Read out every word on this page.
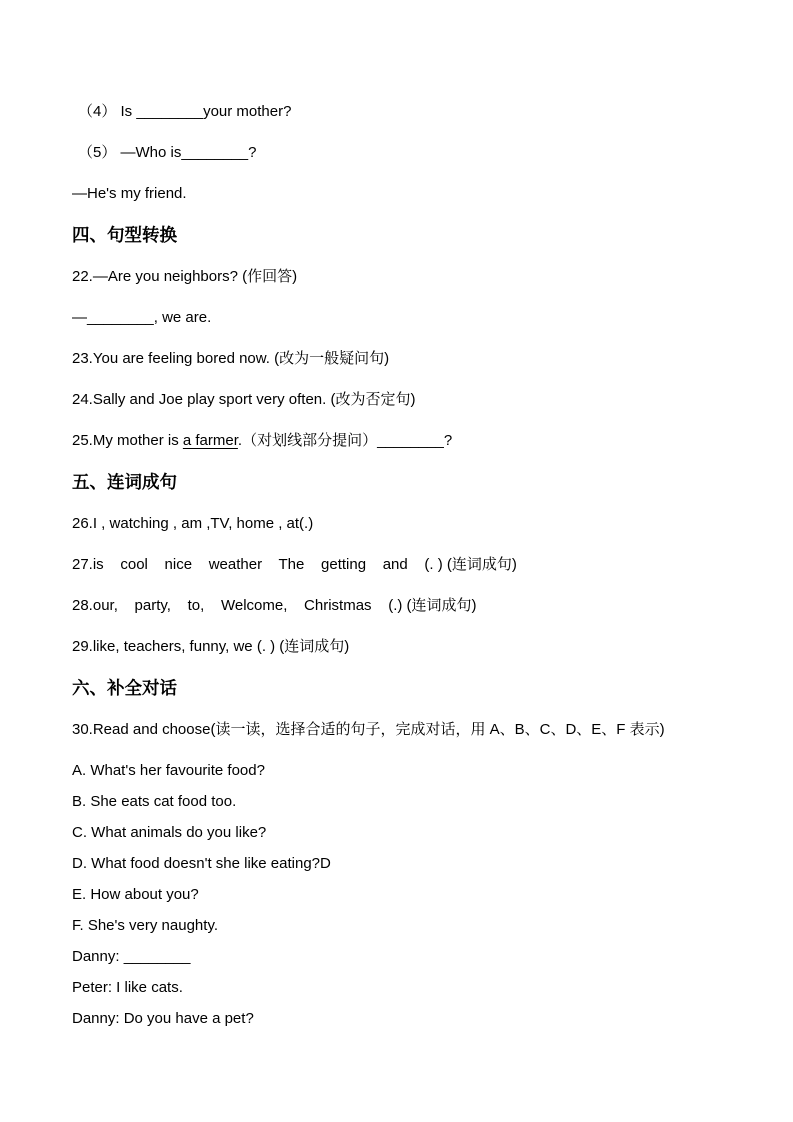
（4） Is ________your mother?

（5） —Who is________?

—He's my friend.

四、句型转换

22.—Are you neighbors? (作回答)

—________, we are.

23.You are feeling bored now. (改为一般疑问句)

24.Sally and Joe play sport very often. (改为否定句)

25.My mother is a farmer.（对划线部分提问）________?

五、连词成句

26.I , watching , am ,TV, home , at(.)

27.is    cool    nice    weather    The    getting    and    (. ) (连词成句)

28.our,    party,    to,    Welcome,    Christmas    (.) (连词成句)

29.like, teachers, funny, we (. ) (连词成句)

六、补全对话

30.Read and choose(读一读，选择合适的句子，完成对话，用 A、B、C、D、E、F 表示)

A. What's her favourite food?

B. She eats cat food too.

C. What animals do you like?

D. What food doesn't she like eating?D

E. How about you?

F. She's very naughty.

Danny: ________

Peter: I like cats.

Danny: Do you have a pet?
